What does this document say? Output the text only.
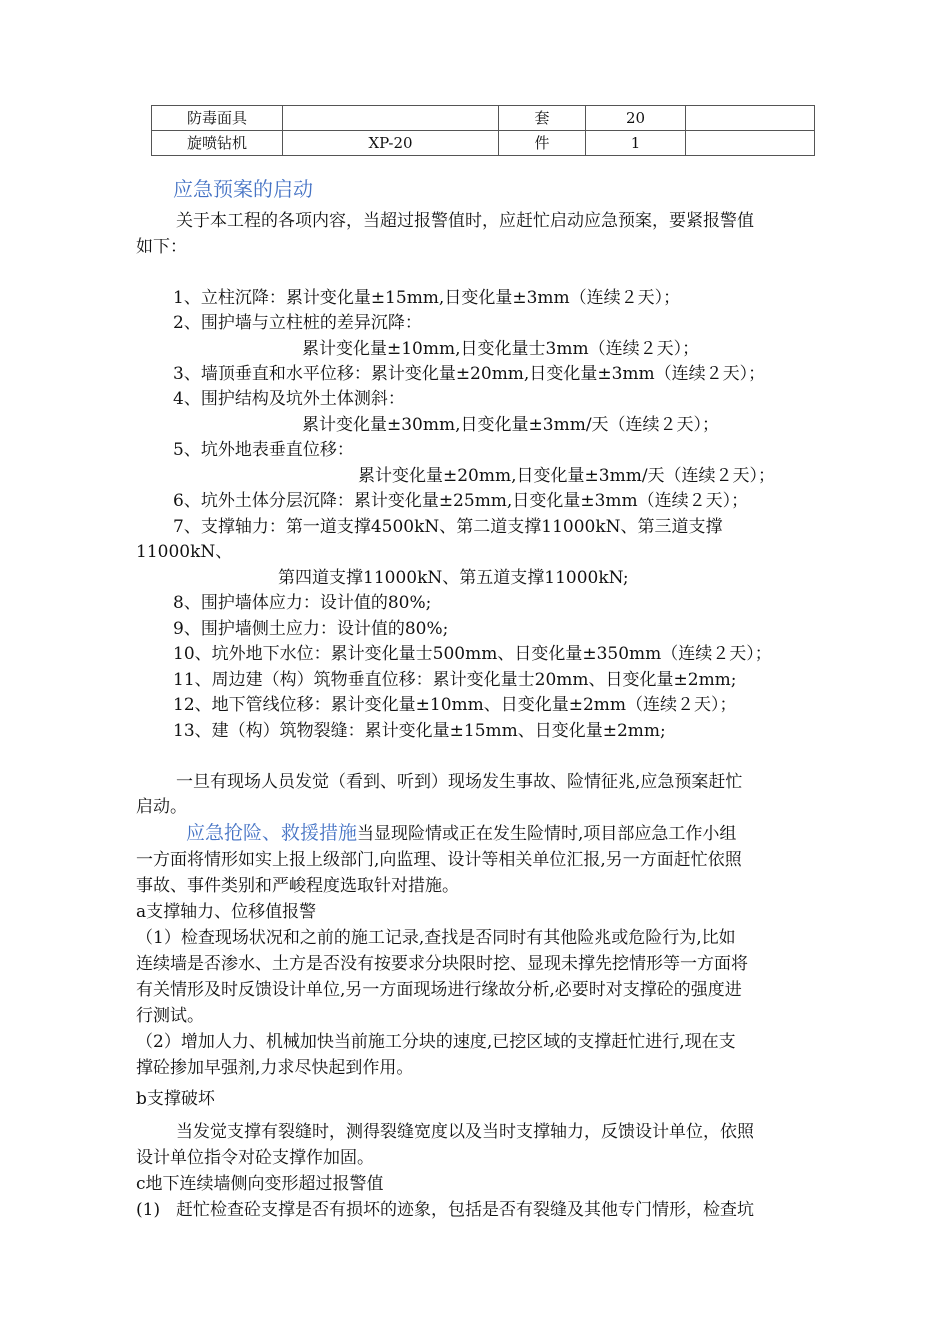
防毒面具		套	20	
旋喷钻机	XP-20	件	1	
应急预案的启动
关于本工程的各项内容，当超过报警值时，应赶忙启动应急预案，要紧报警值
如下：
1、立柱沉降：累计变化量±15mm,日变化量±3mm（连续２天）；
2、围护墙与立柱桩的差异沉降：
累计变化量±10mm,日变化量士3mm（连续２天）；
3、墙顶垂直和水平位移：累计变化量±20mm,日变化量±3mm（连续２天）；
4、围护结构及坑外土体测斜：
累计变化量±30mm,日变化量±3mm/天（连续２天）；
5、坑外地表垂直位移：
累计变化量±20mm,日变化量±3mm/天（连续２天）；
6、坑外土体分层沉降：累计变化量±25mm,日变化量±3mm（连续２天）；
7、支撑轴力：第一道支撑4500kN、第二道支撑11000kN、第三道支撑
11000kN、
第四道支撑11000kN、第五道支撑11000kN;
8、围护墙体应力：设计值的80%;
9、围护墙侧土应力：设计值的80%;
10、坑外地下水位：累计变化量士500mm、日变化量±350mm（连续２天）；
11、周边建（构）筑物垂直位移：累计变化量士20mm、日变化量±2mm;
12、地下管线位移：累计变化量±10mm、日变化量±2mm（连续２天）；
13、建（构）筑物裂缝：累计变化量±15mm、日变化量±2mm;
一旦有现场人员发觉（看到、听到）现场发生事故、险情征兆,应急预案赶忙
启动。
应急抢险、救援措施当显现险情或正在发生险情时,项目部应急工作小组
一方面将情形如实上报上级部门,向监理、设计等相关单位汇报,另一方面赶忙依照
事故、事件类别和严峻程度选取针对措施。
a支撑轴力、位移值报警
（1）检查现场状况和之前的施工记录,查找是否同时有其他险兆或危险行为,比如
连续墙是否渗水、土方是否没有按要求分块限时挖、显现未撑先挖情形等一方面将
有关情形及时反馈设计单位,另一方面现场进行缘故分析,必要时对支撑砼的强度进
行测试。
（2）增加人力、机械加快当前施工分块的速度,已挖区域的支撑赶忙进行,现在支
撑砼掺加早强剂,力求尽快起到作用。
b支撑破坏
当发觉支撑有裂缝时，测得裂缝宽度以及当时支撑轴力，反馈设计单位，依照
设计单位指令对砼支撑作加固。
c地下连续墙侧向变形超过报警值
(1) 赶忙检查砼支撑是否有损坏的迹象，包括是否有裂缝及其他专门情形，检查坑
